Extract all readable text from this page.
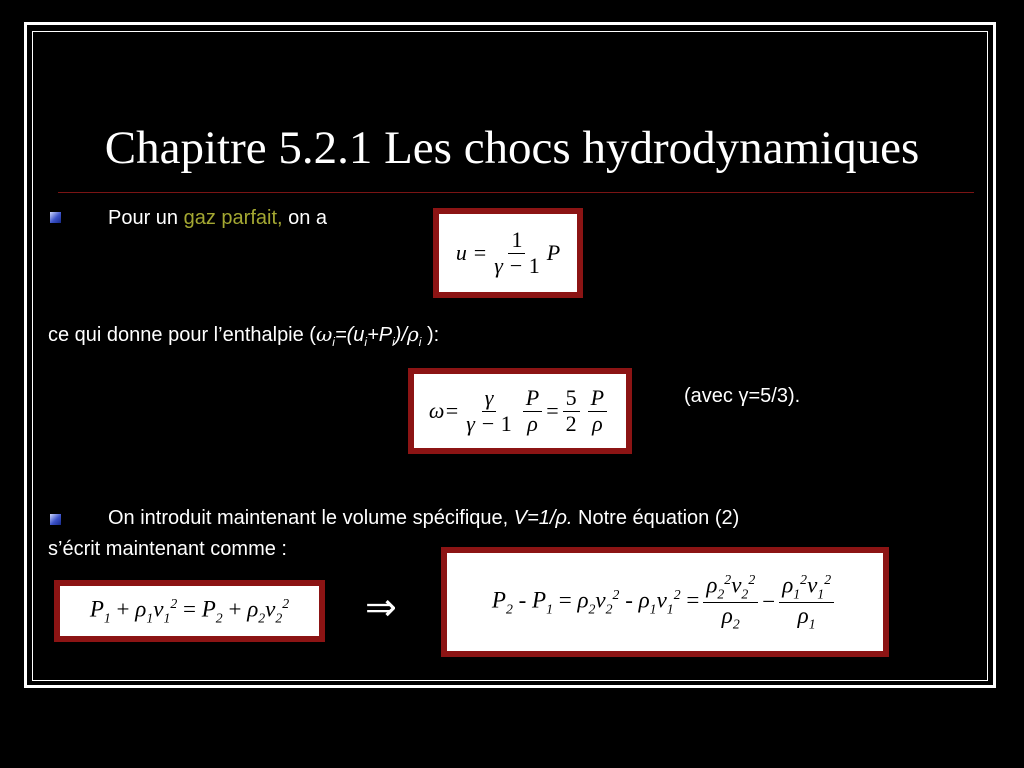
Chapitre 5.2.1 Les chocs hydrodynamiques
Pour un gaz parfait, on a
$u = \frac{1}{\gamma - 1}$ P
ce qui donne pour l’enthalpie ($\omega_i=(u_i+P_i)/\rho_i$ ):
$\omega= \frac{\gamma}{\gamma - 1} \frac{P}{\rho} = \frac{5}{2} \frac{P}{\rho}$	(avec γ=5/3).
On introduit maintenant le volume spécifique, V=1/ρ. Notre équation (2)
s’écrit maintenant comme :
$P_1 + \rho_1v_1^2 = P_2 + \rho_2v_2^2$ ⇒	$P_2 - P_1 = \rho_2v_2^2 - \rho_1v_1^2 = \frac{\rho_2^2v_2^2}{\rho_2} - \frac{\rho_1^2v_1^2}{\rho_1}$
